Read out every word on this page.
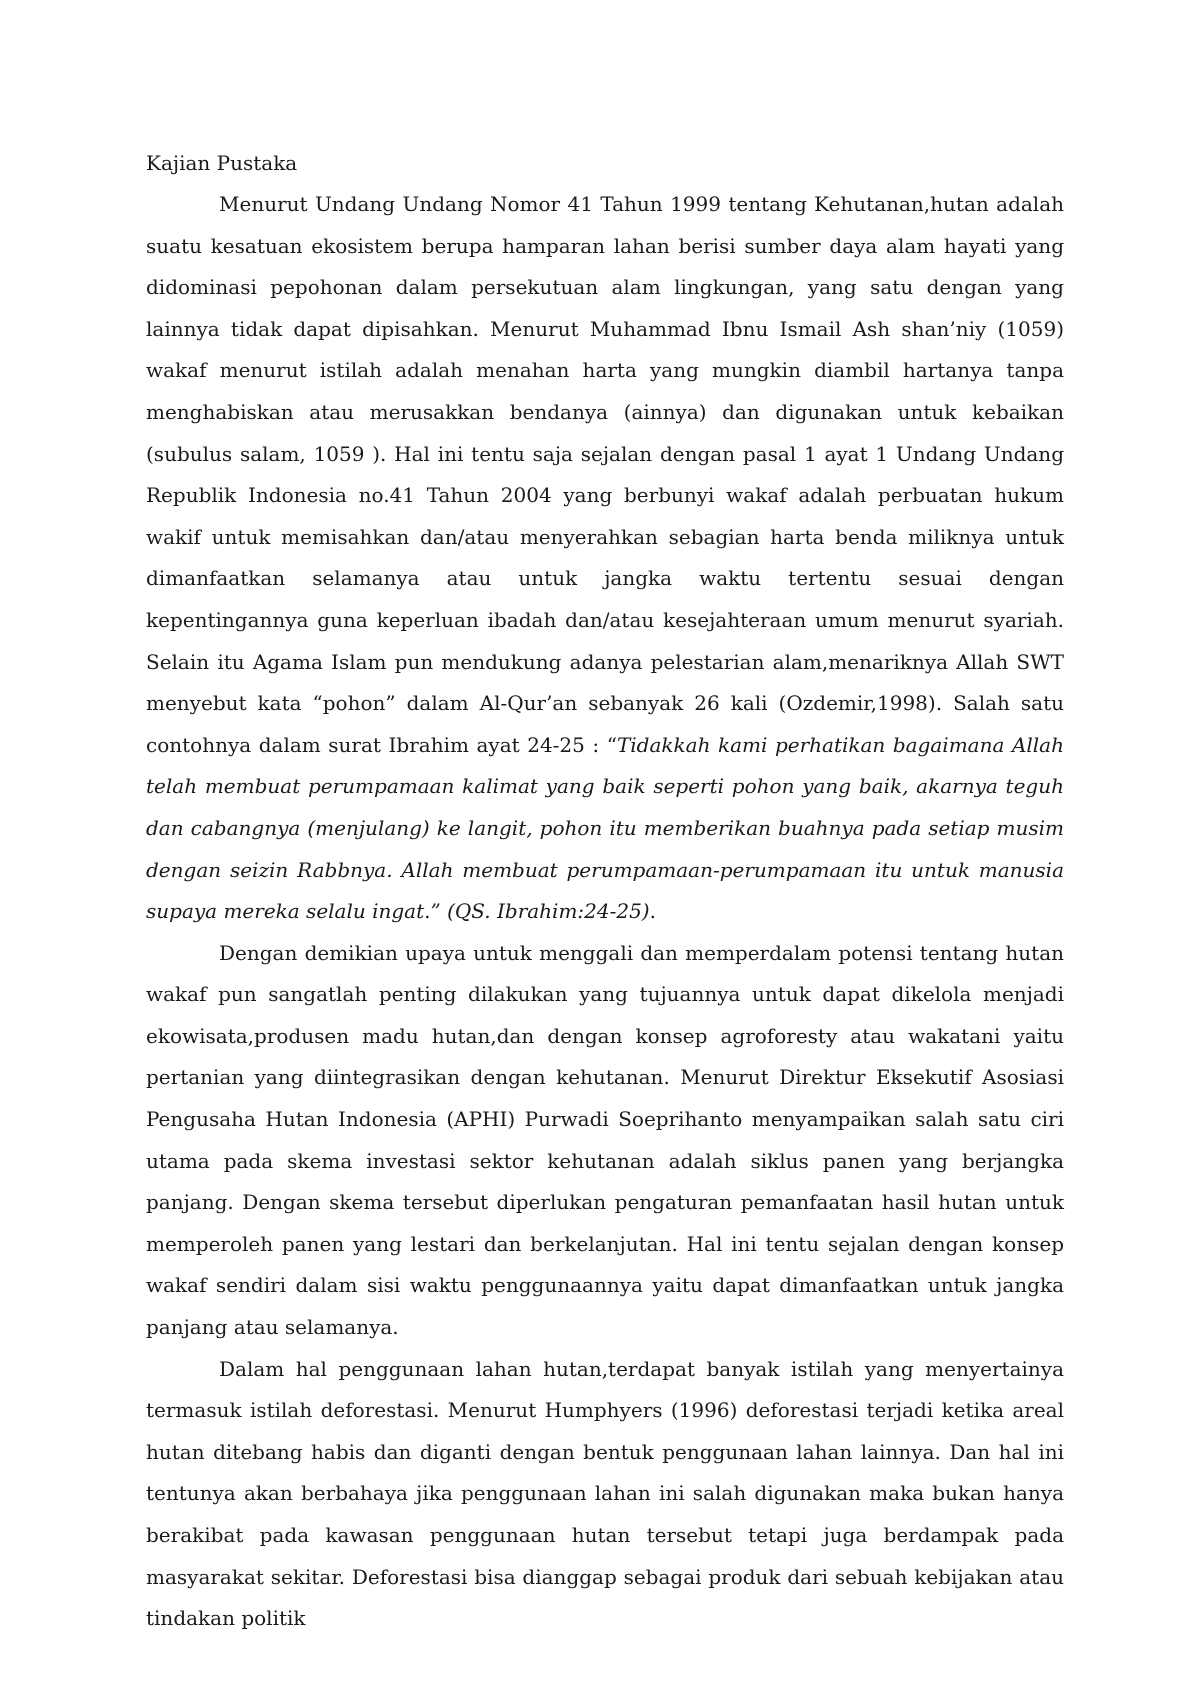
Kajian Pustaka

Menurut Undang Undang Nomor 41 Tahun 1999 tentang Kehutanan,hutan adalah suatu kesatuan ekosistem berupa hamparan lahan berisi sumber daya alam hayati yang didominasi pepohonan dalam persekutuan alam lingkungan, yang satu dengan yang lainnya tidak dapat dipisahkan. Menurut Muhammad Ibnu Ismail Ash shan’niy (1059) wakaf menurut istilah adalah menahan harta yang mungkin diambil hartanya tanpa menghabiskan atau merusakkan bendanya (ainnya) dan digunakan untuk kebaikan (subulus salam, 1059 ). Hal ini tentu saja sejalan dengan pasal 1 ayat 1 Undang Undang Republik Indonesia no.41 Tahun 2004 yang berbunyi wakaf adalah perbuatan hukum wakif untuk memisahkan dan/atau menyerahkan sebagian harta benda miliknya untuk dimanfaatkan selamanya atau untuk jangka waktu tertentu sesuai dengan kepentingannya guna keperluan ibadah dan/atau kesejahteraan umum menurut syariah. Selain itu Agama Islam pun mendukung adanya pelestarian alam,menariknya Allah SWT menyebut kata “pohon” dalam Al-Qur’an sebanyak 26 kali (Ozdemir,1998). Salah satu contohnya dalam surat Ibrahim ayat 24-25 : “Tidakkah kami perhatikan bagaimana Allah telah membuat perumpamaan kalimat yang baik seperti pohon yang baik, akarnya teguh dan cabangnya (menjulang) ke langit, pohon itu memberikan buahnya pada setiap musim dengan seizin Rabbnya. Allah membuat perumpamaan-perumpamaan itu untuk manusia supaya mereka selalu ingat.” (QS. Ibrahim:24-25).

Dengan demikian upaya untuk menggali dan memperdalam potensi tentang hutan wakaf pun sangatlah penting dilakukan yang tujuannya untuk dapat dikelola menjadi ekowisata,produsen madu hutan,dan dengan konsep agroforesty atau wakatani yaitu pertanian yang diintegrasikan dengan kehutanan. Menurut Direktur Eksekutif Asosiasi Pengusaha Hutan Indonesia (APHI) Purwadi Soeprihanto menyampaikan salah satu ciri utama pada skema investasi sektor kehutanan adalah siklus panen yang berjangka panjang. Dengan skema tersebut diperlukan pengaturan pemanfaatan hasil hutan untuk memperoleh panen yang lestari dan berkelanjutan. Hal ini tentu sejalan dengan konsep wakaf sendiri dalam sisi waktu penggunaannya yaitu dapat dimanfaatkan untuk jangka panjang atau selamanya.

Dalam hal penggunaan lahan hutan,terdapat banyak istilah yang menyertainya termasuk istilah deforestasi. Menurut Humphyers (1996) deforestasi terjadi ketika areal hutan ditebang habis dan diganti dengan bentuk penggunaan lahan lainnya. Dan hal ini tentunya akan berbahaya jika penggunaan lahan ini salah digunakan maka bukan hanya berakibat pada kawasan penggunaan hutan tersebut tetapi juga berdampak pada masyarakat sekitar. Deforestasi bisa dianggap sebagai produk dari sebuah kebijakan atau tindakan politik
